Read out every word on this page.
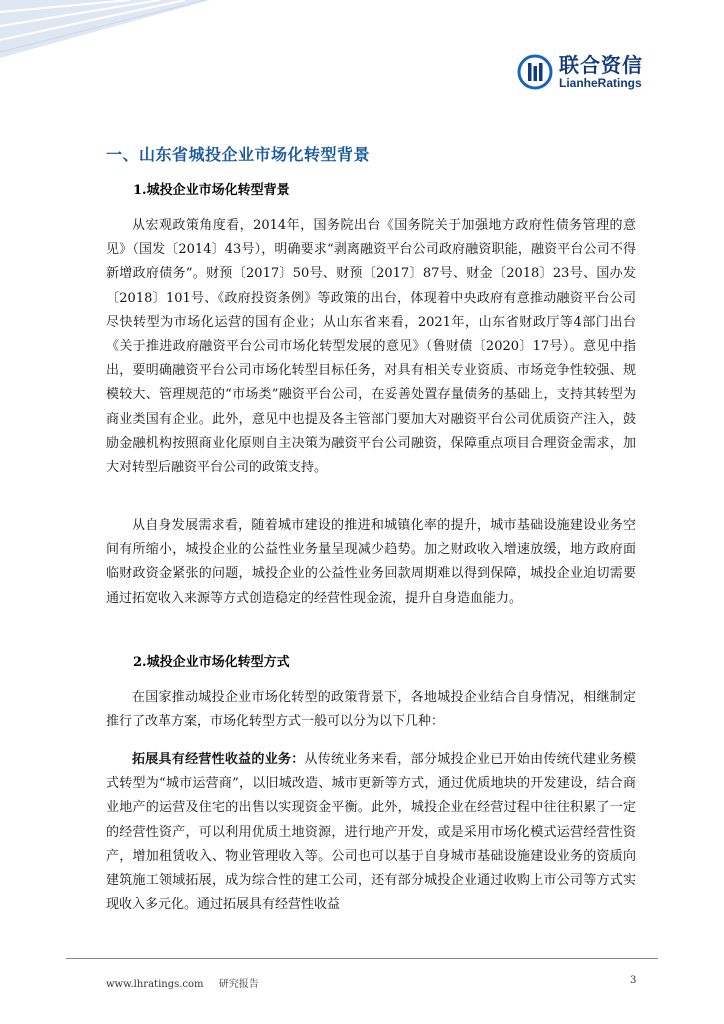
联合资信
LianheRatings
一、山东省城投企业市场化转型背景
1.城投企业市场化转型背景

从宏观政策角度看，2014年，国务院出台《国务院关于加强地方政府性债务管理的意见》（国发〔2014〕43号），明确要求“剥离融资平台公司政府融资职能，融资平台公司不得新增政府债务”。财预〔2017〕50号、财预〔2017〕87号、财金〔2018〕23号、国办发〔2018〕101号、《政府投资条例》等政策的出台，体现着中央政府有意推动融资平台公司尽快转型为市场化运营的国有企业；从山东省来看，2021年，山东省财政厅等4部门出台《关于推进政府融资平台公司市场化转型发展的意见》（鲁财债〔2020〕17号）。意见中指出，要明确融资平台公司市场化转型目标任务，对具有相关专业资质、市场竞争性较强、规模较大、管理规范的“市场类”融资平台公司，在妥善处置存量债务的基础上，支持其转型为商业类国有企业。此外，意见中也提及各主管部门要加大对融资平台公司优质资产注入，鼓励金融机构按照商业化原则自主决策为融资平台公司融资，保障重点项目合理资金需求，加大对转型后融资平台公司的政策支持。

从自身发展需求看，随着城市建设的推进和城镇化率的提升，城市基础设施建设业务空间有所缩小，城投企业的公益性业务量呈现减少趋势。加之财政收入增速放缓，地方政府面临财政资金紧张的问题，城投企业的公益性业务回款周期难以得到保障，城投企业迫切需要通过拓宽收入来源等方式创造稳定的经营性现金流，提升自身造血能力。

2.城投企业市场化转型方式

在国家推动城投企业市场化转型的政策背景下，各地城投企业结合自身情况，相继制定推行了改革方案，市场化转型方式一般可以分为以下几种：

拓展具有经营性收益的业务：从传统业务来看，部分城投企业已开始由传统代建业务模式转型为“城市运营商”，以旧城改造、城市更新等方式，通过优质地块的开发建设，结合商业地产的运营及住宅的出售以实现资金平衡。此外，城投企业在经营过程中往往积累了一定的经营性资产，可以利用优质土地资源，进行地产开发，或是采用市场化模式运营经营性资产，增加租赁收入、物业管理收入等。公司也可以基于自身城市基础设施建设业务的资质向建筑施工领域拓展，成为综合性的建工公司，还有部分城投企业通过收购上市公司等方式实现收入多元化。通过拓展具有经营性收益

www.lhratings.com 研究报告	3
